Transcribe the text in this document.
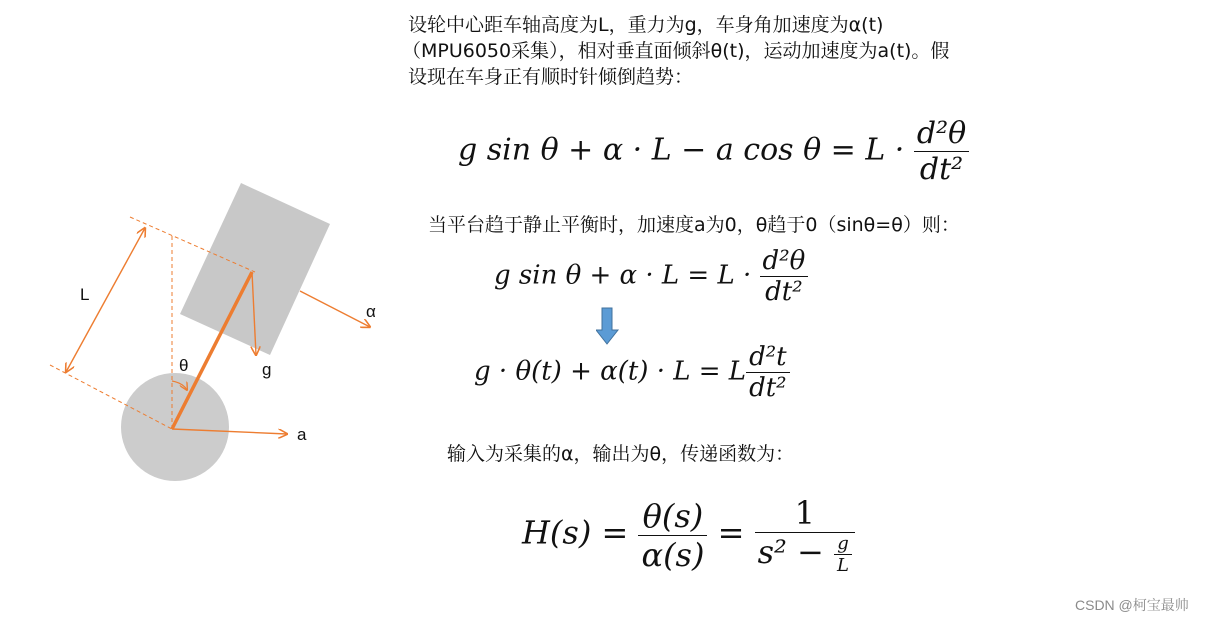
L
θ	g
α
a
设轮中心距车轴高度为L，重力为g，车身角加速度为α(t)
（MPU6050采集），相对垂直面倾斜θ(t)，运动加速度为a(t)。假
设现在车身正有顺时针倾倒趋势：
g sin θ + α · L − a $\cos \theta = L \cdot \frac{\text{d²θ}}{\text{dt²}}$
当平台趋于静止平衡时，加速度a为0，θ趋于0（sinθ=θ）则：
g $\sin \theta + \alpha \cdot L = L \cdot \frac{\text{d²θ}}{\text{dt²}}$
g · θ(t) + α(t) · L = L $\frac{\text{d²t}}{\text{dt²}}$
输入为采集的α，输出为θ，传递函数为：
$H(s) = \frac{\theta(s)}{\alpha(s)} = \frac{1}{s^2 - \frac{g}{L}}$
CSDN @柯宝最帅
